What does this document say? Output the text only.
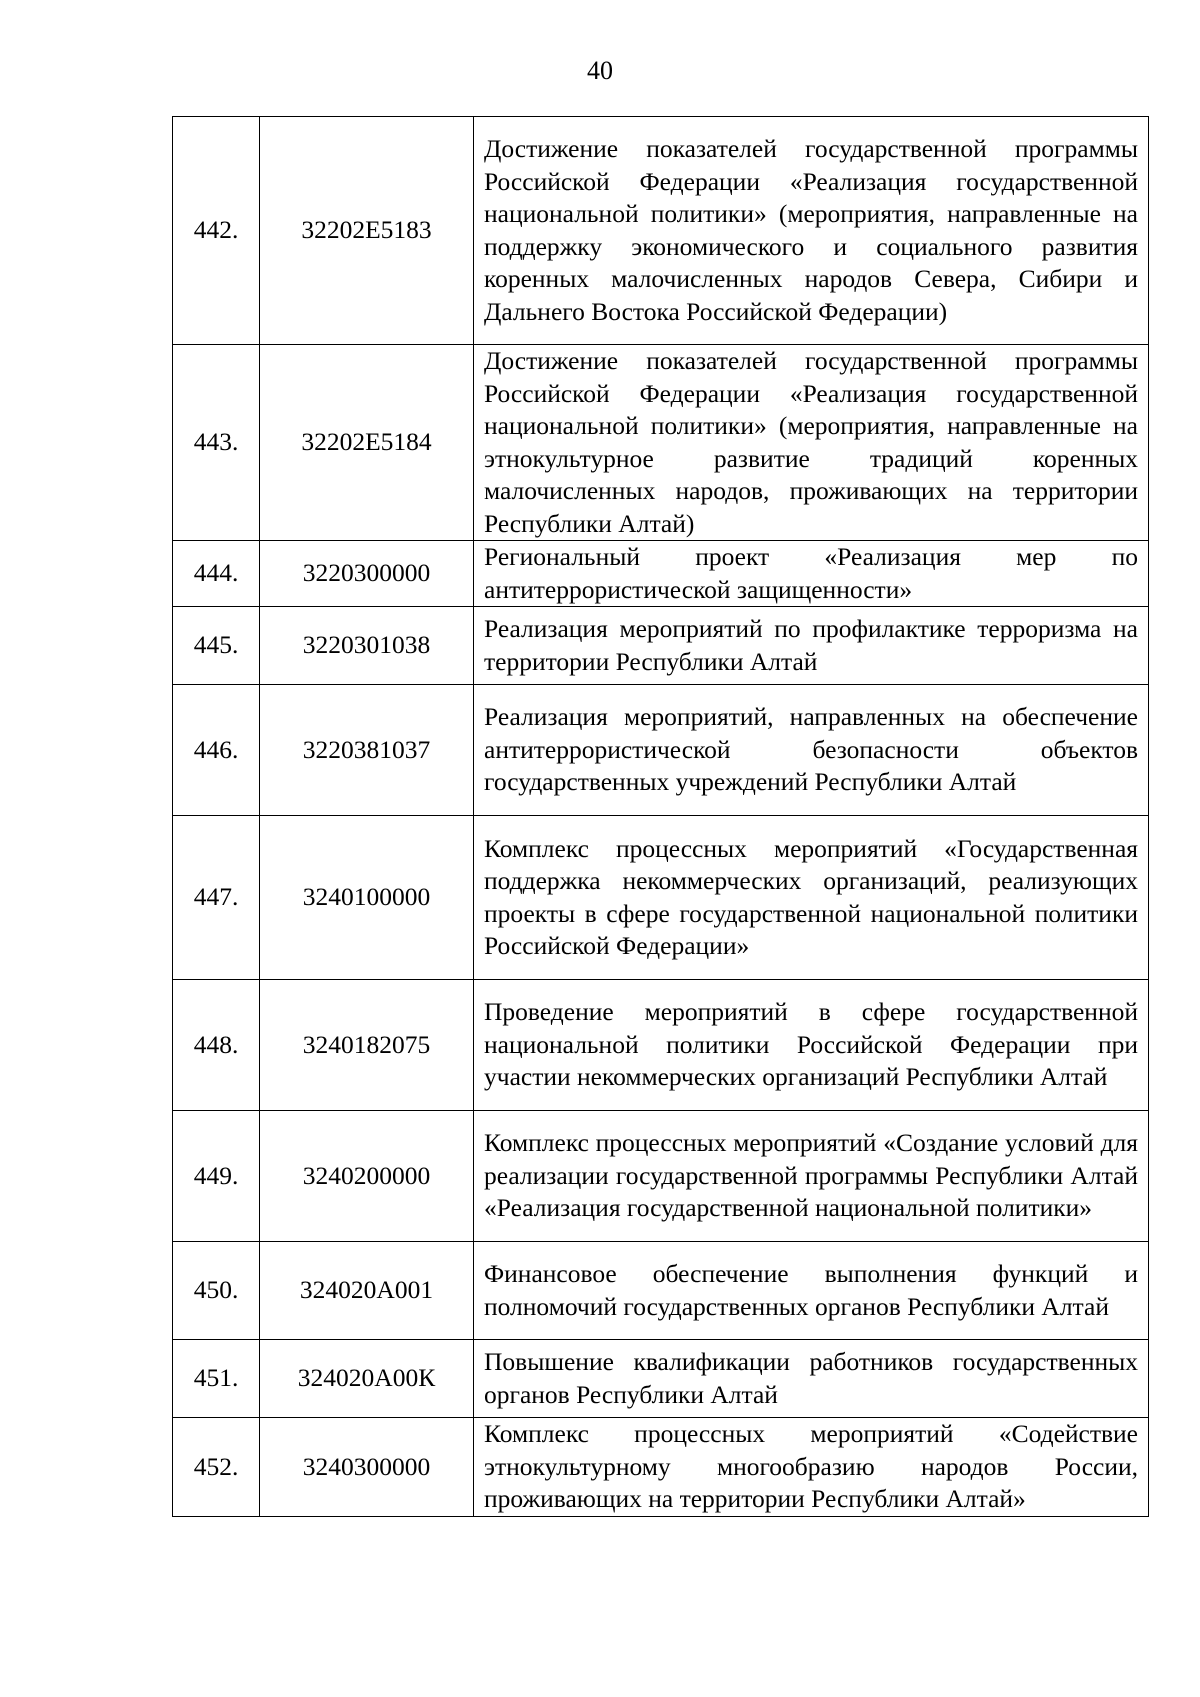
40
442.	32202E5183	Достижение показателей государственной программы Российской Федерации «Реализация государственной национальной политики» (мероприятия, направленные на поддержку экономического и социального развития коренных малочисленных народов Севера, Сибири и Дальнего Востока Российской Федерации)
443.	32202E5184	Достижение показателей государственной программы Российской Федерации «Реализация государственной национальной политики» (мероприятия, направленные на этнокультурное развитие традиций коренных малочисленных народов, проживающих на территории Республики Алтай)
444.	3220300000	Региональный проект «Реализация мер по антитеррористической защищенности»
445.	3220301038	Реализация мероприятий по профилактике терроризма на территории Республики Алтай
446.	3220381037	Реализация мероприятий, направленных на обеспечение антитеррористической безопасности объектов государственных учреждений Республики Алтай
447.	3240100000	Комплекс процессных мероприятий «Государственная поддержка некоммерческих организаций, реализующих проекты в сфере государственной национальной политики Российской Федерации»
448.	3240182075	Проведение мероприятий в сфере государственной национальной политики Российской Федерации при участии некоммерческих организаций Республики Алтай
449.	3240200000	Комплекс процессных мероприятий «Создание условий для реализации государственной программы Республики Алтай «Реализация государственной национальной политики»
450.	324020А001	Финансовое обеспечение выполнения функций и полномочий государственных органов Республики Алтай
451.	324020А00К	Повышение квалификации работников государственных органов Республики Алтай
452.	3240300000	Комплекс процессных мероприятий «Содействие этнокультурному многообразию народов России, проживающих на территории Республики Алтай»
